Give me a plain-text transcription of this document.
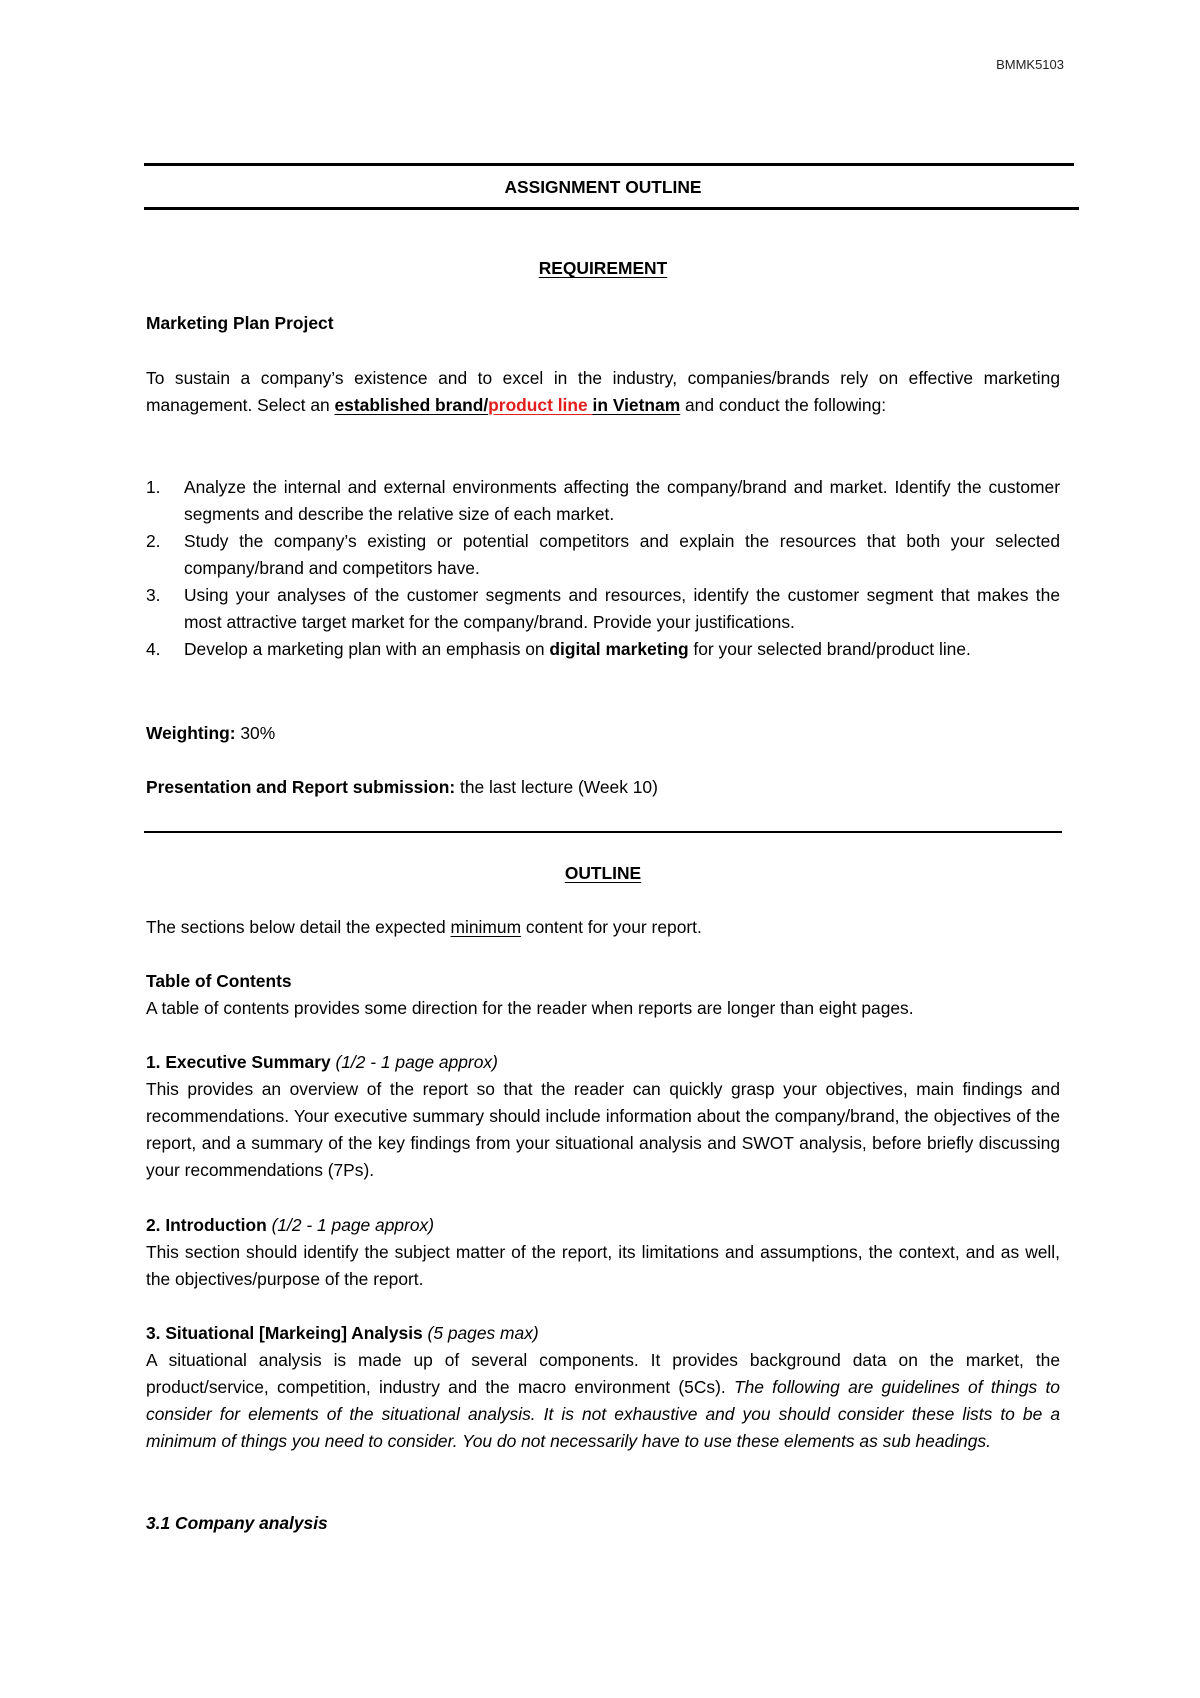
BMMK5103
ASSIGNMENT OUTLINE
REQUIREMENT
Marketing Plan Project
To sustain a company’s existence and to excel in the industry, companies/brands rely on effective marketing management. Select an established brand/product line in Vietnam and conduct the following:
1. Analyze the internal and external environments affecting the company/brand and market. Identify the customer segments and describe the relative size of each market.
2. Study the company’s existing or potential competitors and explain the resources that both your selected company/brand and competitors have.
3. Using your analyses of the customer segments and resources, identify the customer segment that makes the most attractive target market for the company/brand. Provide your justifications.
4. Develop a marketing plan with an emphasis on digital marketing for your selected brand/product line.
Weighting: 30%
Presentation and Report submission: the last lecture (Week 10)
OUTLINE
The sections below detail the expected minimum content for your report.
Table of Contents
A table of contents provides some direction for the reader when reports are longer than eight pages.
1. Executive Summary (1/2 - 1 page approx)
This provides an overview of the report so that the reader can quickly grasp your objectives, main findings and recommendations. Your executive summary should include information about the company/brand, the objectives of the report, and a summary of the key findings from your situational analysis and SWOT analysis, before briefly discussing your recommendations (7Ps).
2. Introduction (1/2 - 1 page approx)
This section should identify the subject matter of the report, its limitations and assumptions, the context, and as well, the objectives/purpose of the report.
3. Situational [Markeing] Analysis (5 pages max)
A situational analysis is made up of several components. It provides background data on the market, the product/service, competition, industry and the macro environment (5Cs). The following are guidelines of things to consider for elements of the situational analysis. It is not exhaustive and you should consider these lists to be a minimum of things you need to consider. You do not necessarily have to use these elements as sub headings.
3.1 Company analysis
